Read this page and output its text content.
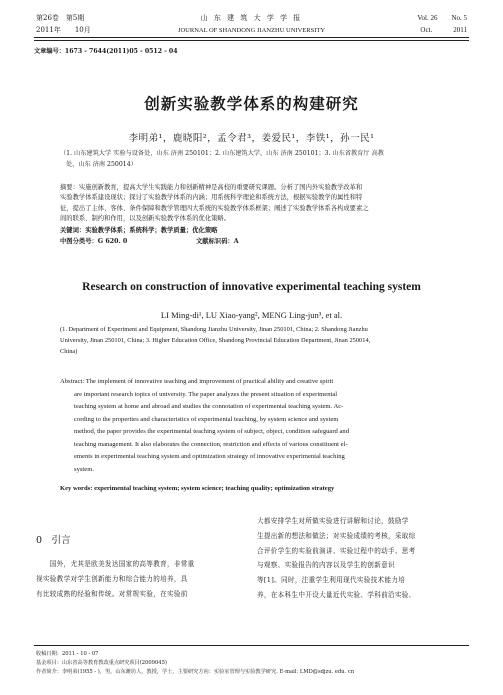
第26卷　第5期
2011年　　10月
山 东 建 筑 大 学 学 报
JOURNAL OF SHANDONG JIANZHU UNIVERSITY
Vol. 26　　No. 5
Oct.　　　2011
文章编号：1673 - 7644(2011)05 - 0512 - 04
创新实验教学体系的构建研究
李明弟¹，鹿晓阳²，孟令君³，姜爱民¹，李铁¹，孙一民¹
（1. 山东建筑大学 实验与设备处，山东 济南 250101；2. 山东建筑大学，山东 济南 250101；3. 山东省教育厅 高教
处，山东 济南 250014）
摘要：实施创新教育，提高大学生实践能力和创新精神是高校的重要研究课题。分析了国内外实验教学改革和
实验教学体系建设现状；探讨了实验教学体系的内涵；用系统科学理论和系统方法，根据实验教学的属性和特
征，提出了主体、客体、条件保障和教学管理四大系统的实验教学体系框架；阐述了实验教学体系各构成要素之
间的联系、制约和作用，以及创新实验教学体系的优化策略。
关键词：实验教学体系；系统科学；教学质量；优化策略
中图分类号：G 620. 0	文献标识码：A
Research on construction of innovative experimental teaching system
LI Ming-di¹, LU Xiao-yang², MENG Ling-jun³, et al.
(1. Department of Experiment and Equipment, Shandong Jianzhu University, Jinan 250101, China; 2. Shandong Jianzhu
University, Jinan 250101, China; 3. Higher Education Office, Shandong Provincial Education Department, Jinan 250014,
China)
Abstract: The implement of innovative teaching and improvement of practical ability and creative spirit
are important research topics of university. The paper analyzes the present situation of experimental
teaching system at home and abroad and studies the connotation of experimental teaching system. Ac-
cording to the properties and characteristics of experimental teaching, by system science and system
method, the paper provides the experimental teaching system of subject, object, condition safeguard and
teaching management. It also elaborates the connection, restriction and effects of various constituent el-
ements in experimental teaching system and optimization strategy of innovative experimental teaching
system.
Key words: experimental teaching system; system science; teaching quality; optimization strategy
0　引言
　　国外，尤其是欧美发达国家的高等教育，非常重
视实验教学对学生创新能力和综合能力的培养，具
有比较成熟的经验和传统。对常规实验，在实验前
大都安排学生对所做实验进行讲解和讨论，鼓励学
生提出新的想法和做法；对实验成绩的考核，采取综
合评价学生的实验前演讲、实验过程中的动手、思考
与观察、实验报告的内容以及学生的创新意识
等[1]。同时，注重学生利用现代实验技术能力培
养，在本科生中开设大量近代实验、学科前沿实验、
收稿日期：2011 - 10 - 07
基金项目：山东省高等教育教改重点研究项目(2009045)
作者简介：李明弟(1955 - )，男，山东潍坊人，教授，学士，主要研究方向：实验室管理与实验教学研究. E-mail: LMD@sdjzu. edu. cn
